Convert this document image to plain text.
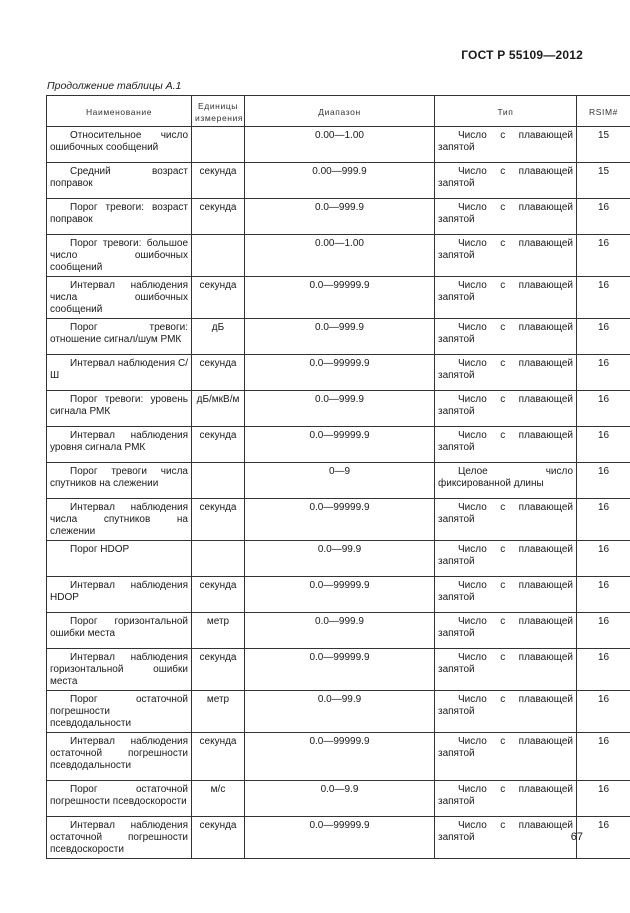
ГОСТ Р 55109—2012
Продолжение таблицы А.1
Наименование	Единицы измерения	Диапазон	Тип	RSIM#
Относительное число ошибочных сообщений		0.00—1.00	Число с плавающей запятой	15
Средний возраст поправок	секунда	0.00—999.9	Число с плавающей запятой	15
Порог тревоги: возраст поправок	секунда	0.0—999.9	Число с плавающей запятой	16
Порог тревоги: большое число ошибочных сообщений		0.00—1.00	Число с плавающей запятой	16
Интервал наблюдения числа ошибочных сообщений	секунда	0.0—99999.9	Число с плавающей запятой	16
Порог тревоги: отношение сигнал/шум РМК	дБ	0.0—999.9	Число с плавающей запятой	16
Интервал наблюдения С/Ш	секунда	0.0—99999.9	Число с плавающей запятой	16
Порог тревоги: уровень сигнала РМК	дБ/мкВ/м	0.0—999.9	Число с плавающей запятой	16
Интервал наблюдения уровня сигнала РМК	секунда	0.0—99999.9	Число с плавающей запятой	16
Порог тревоги числа спутников на слежении		0—9	Целое число фиксированной длины	16
Интервал наблюдения числа спутников на слежении	секунда	0.0—99999.9	Число с плавающей запятой	16
Порог HDOP		0.0—99.9	Число с плавающей запятой	16
Интервал наблюдения HDOP	секунда	0.0—99999.9	Число с плавающей запятой	16
Порог горизонтальной ошибки места	метр	0.0—999.9	Число с плавающей запятой	16
Интервал наблюдения горизонтальной ошибки места	секунда	0.0—99999.9	Число с плавающей запятой	16
Порог остаточной погрешности псевдодальности	метр	0.0—99.9	Число с плавающей запятой	16
Интервал наблюдения остаточной погрешности псевдодальности	секунда	0.0—99999.9	Число с плавающей запятой	16
Порог остаточной погрешности псевдоскорости	м/с	0.0—9.9	Число с плавающей запятой	16
Интервал наблюдения остаточной погрешности псевдоскорости	секунда	0.0—99999.9	Число с плавающей запятой	16
67
